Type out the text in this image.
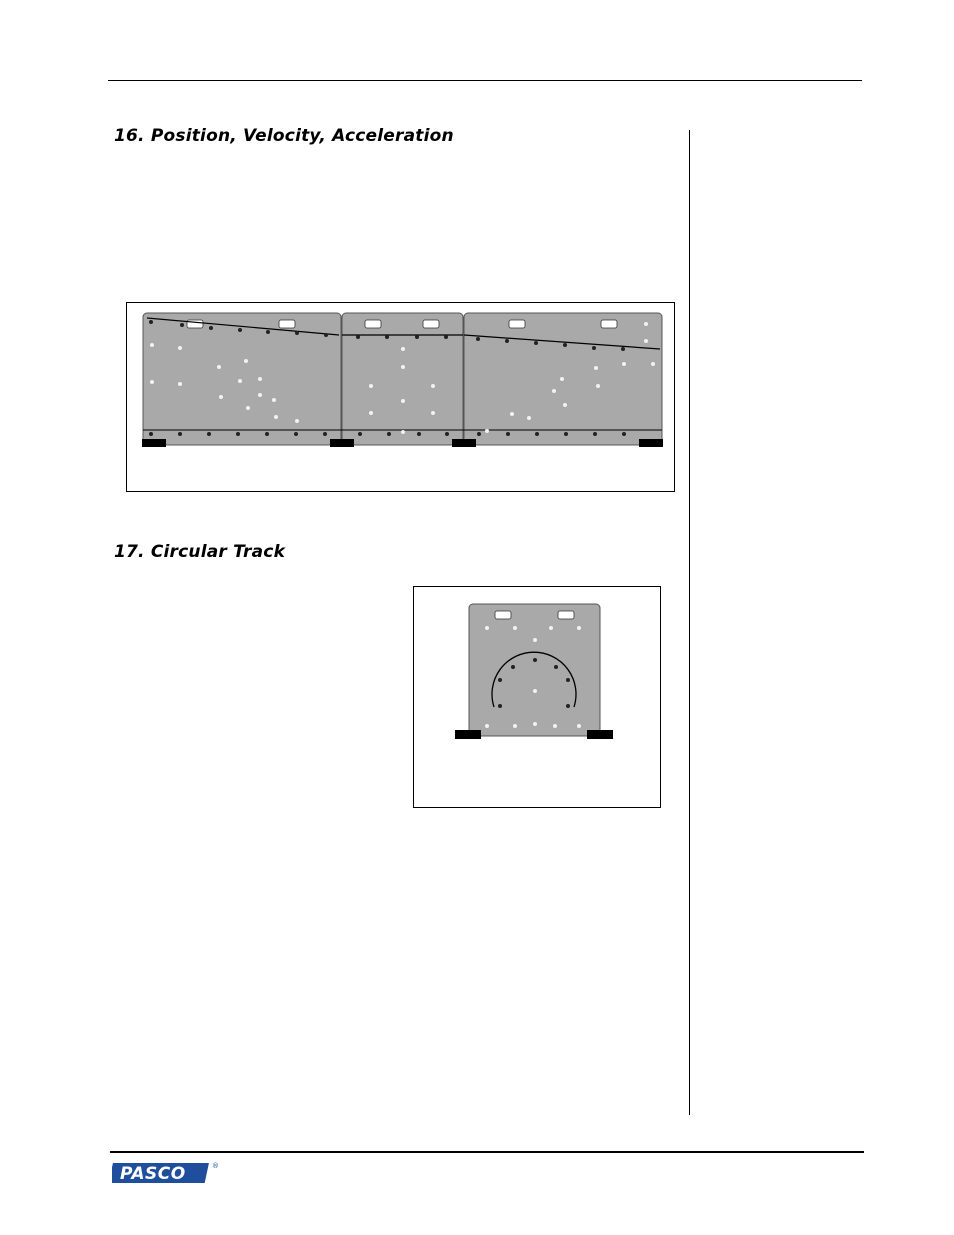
16. Position, Velocity, Acceleration
17. Circular Track
PASCO	®
